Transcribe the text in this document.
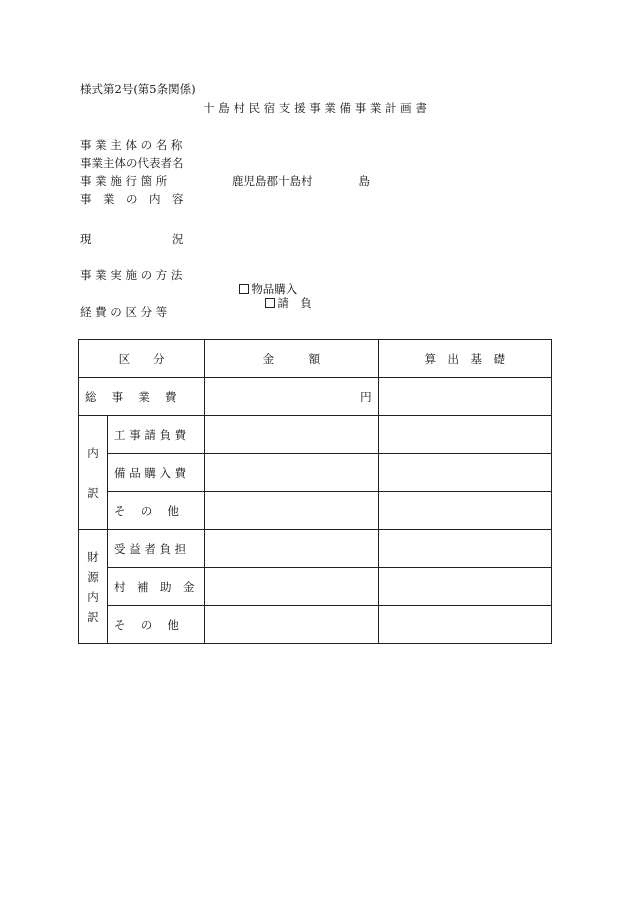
様式第2号(第5条関係)
十 島 村 民 宿 支 援 事 業 備 事 業 計 画 書
事 業 主 体 の 名 称
事業主体の代表者名
事 業 施 行 箇 所	鹿児島郡十島村　　　　島
事　業　の　内　容
現　　　　　　　況
事 業 実 施 の 方 法

物品購入
請　負

経 費 の 区 分 等
区　　分		金　　　額	算　出　基　礎
総　 事　 業　 費		円	
内

訳	工 事 請 負 費		
	備 品 購 入 費		
	そ　 の　 他		
財
源
内
訳	受 益 者 負 担		
	村　補　助　金		
	そ　 の　 他		
